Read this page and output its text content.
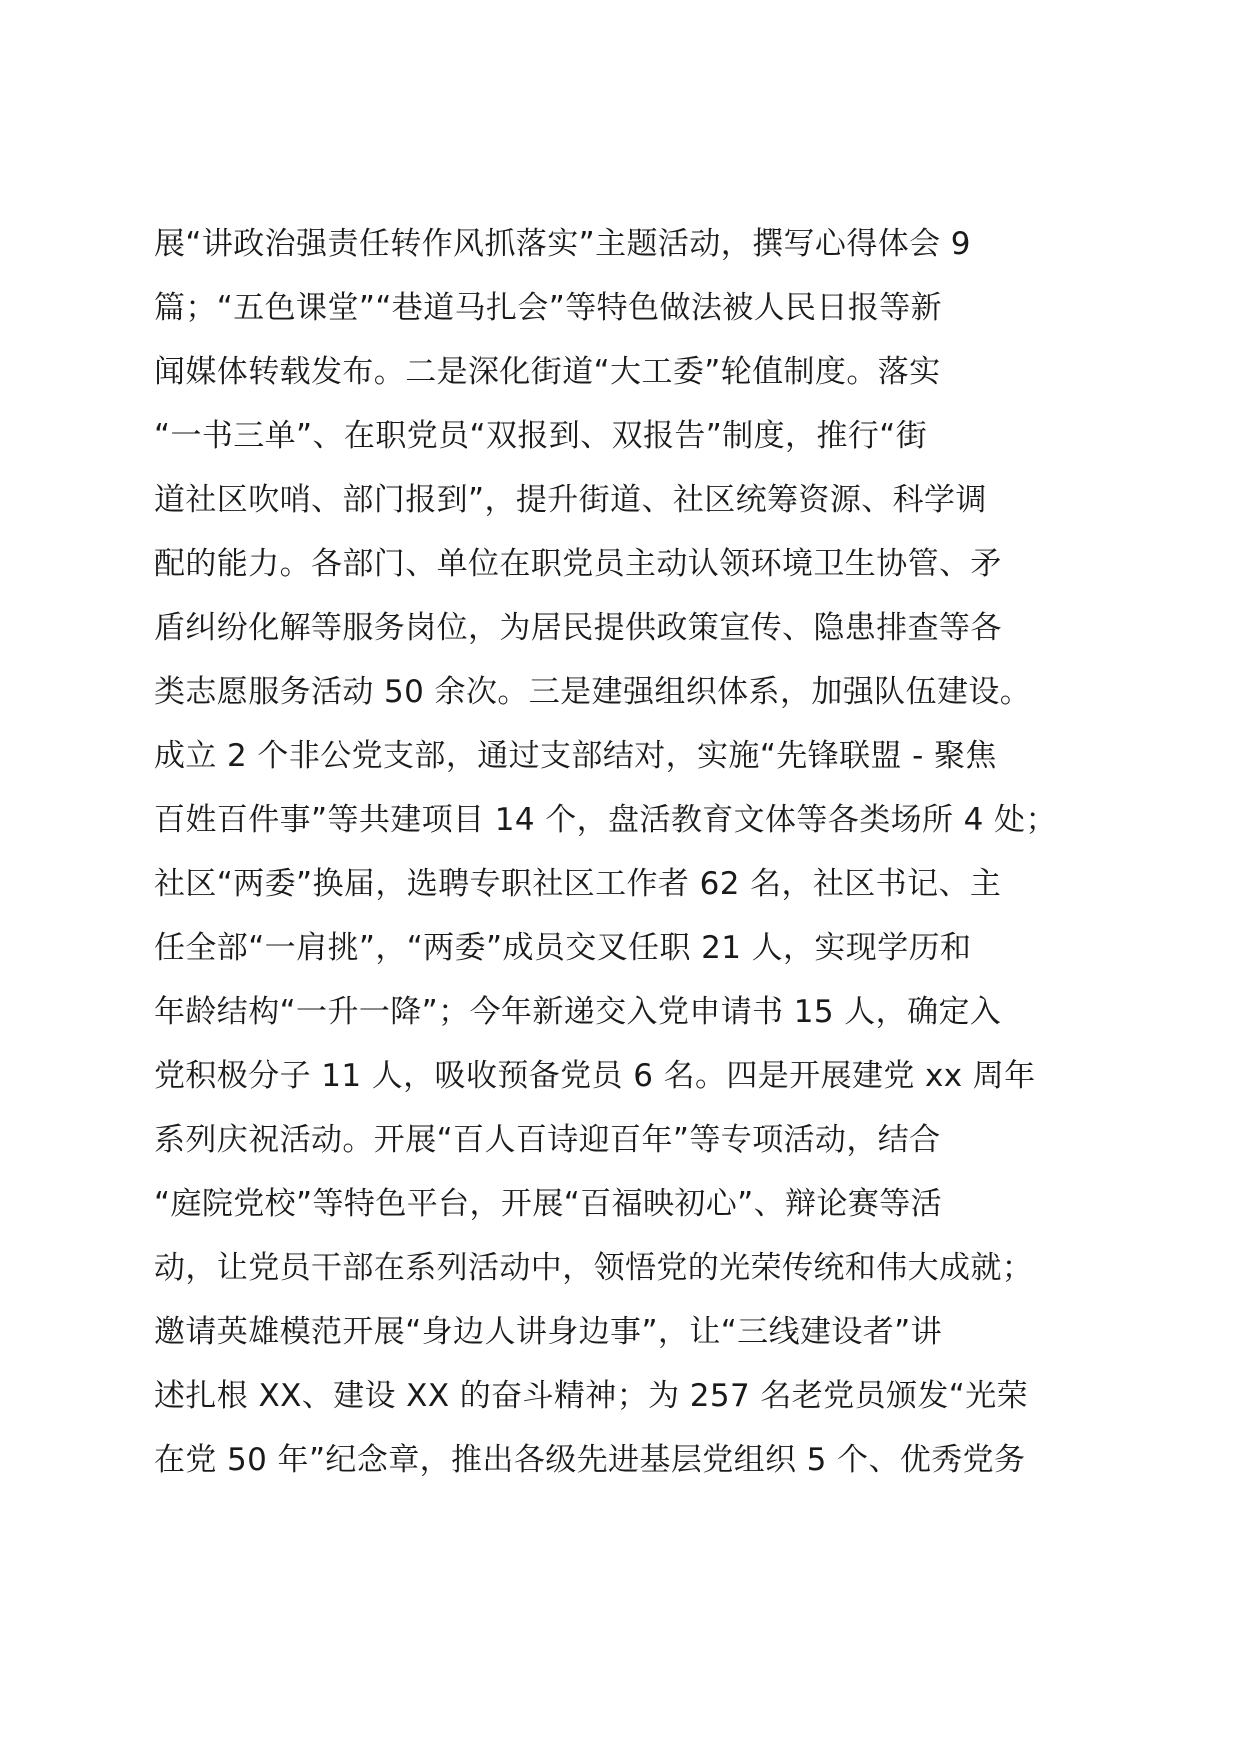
展“讲政治强责任转作风抓落实”主题活动，撰写心得体会 9
篇；“五色课堂”“巷道马扎会”等特色做法被人民日报等新
闻媒体转载发布。二是深化街道“大工委”轮值制度。落实
“一书三单”、在职党员“双报到、双报告”制度，推行“街
道社区吹哨、部门报到”，提升街道、社区统筹资源、科学调
配的能力。各部门、单位在职党员主动认领环境卫生协管、矛
盾纠纷化解等服务岗位，为居民提供政策宣传、隐患排查等各
类志愿服务活动 50 余次。三是建强组织体系，加强队伍建设。
成立 2 个非公党支部，通过支部结对，实施“先锋联盟 - 聚焦
百姓百件事”等共建项目 14 个，盘活教育文体等各类场所 4 处；
社区“两委”换届，选聘专职社区工作者 62 名，社区书记、主
任全部“一肩挑”，“两委”成员交叉任职 21 人，实现学历和
年龄结构“一升一降”；今年新递交入党申请书 15 人，确定入
党积极分子 11 人，吸收预备党员 6 名。四是开展建党 xx 周年
系列庆祝活动。开展“百人百诗迎百年”等专项活动，结合
“庭院党校”等特色平台，开展“百福映初心”、辩论赛等活
动，让党员干部在系列活动中，领悟党的光荣传统和伟大成就；
邀请英雄模范开展“身边人讲身边事”，让“三线建设者”讲
述扎根 XX、建设 XX 的奋斗精神；为 257 名老党员颁发“光荣
在党 50 年”纪念章，推出各级先进基层党组织 5 个、优秀党务
